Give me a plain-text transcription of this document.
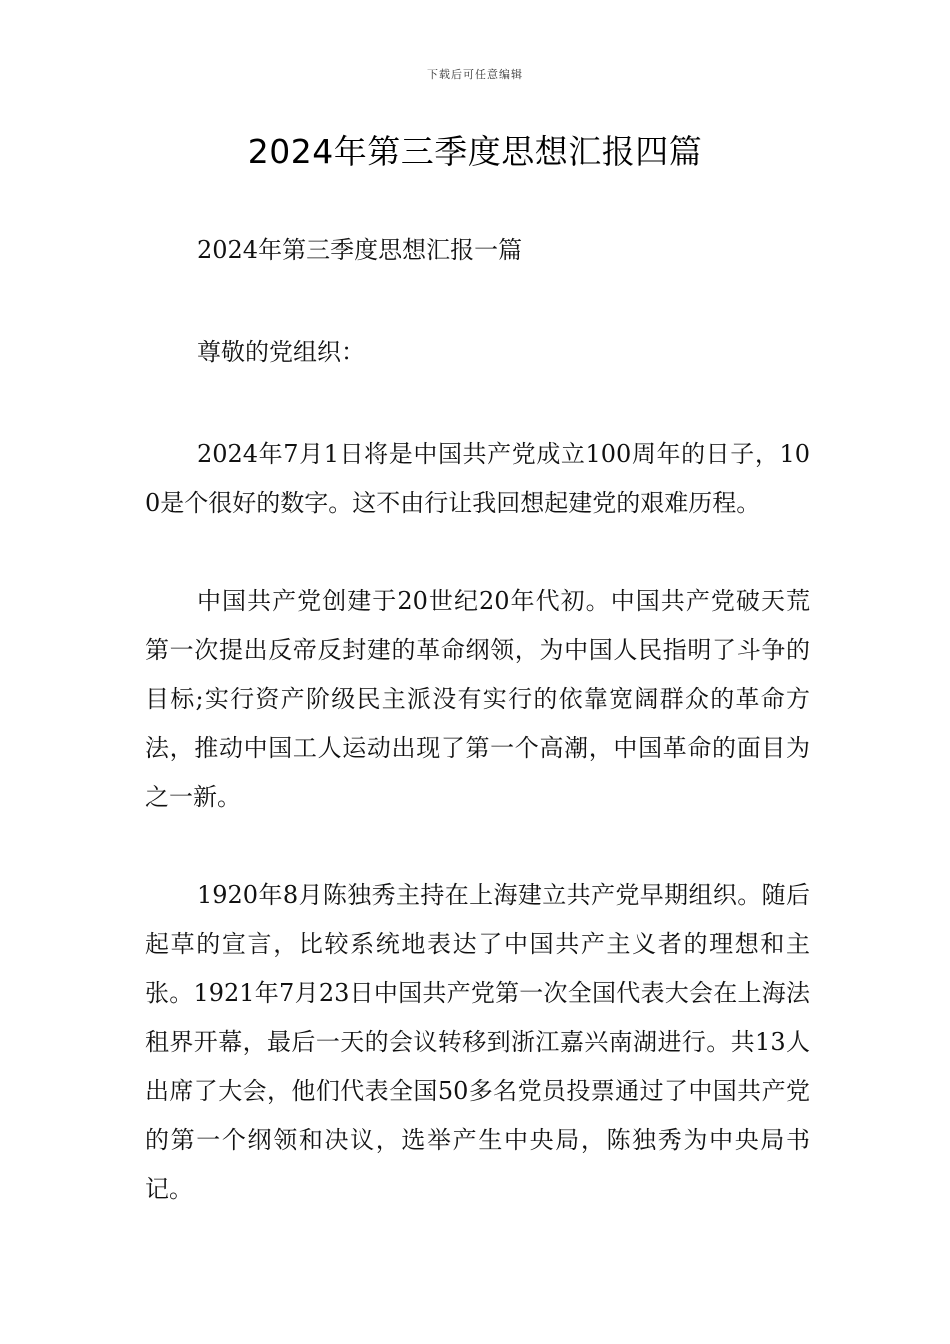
下载后可任意编辑
2024年第三季度思想汇报四篇

2024年第三季度思想汇报一篇

尊敬的党组织：

2024年7月1日将是中国共产党成立100周年的日子，100是个很好的数字。这不由行让我回想起建党的艰难历程。

中国共产党创建于20世纪20年代初。中国共产党破天荒第一次提出反帝反封建的革命纲领，为中国人民指明了斗争的目标;实行资产阶级民主派没有实行的依靠宽阔群众的革命方法，推动中国工人运动出现了第一个高潮，中国革命的面目为之一新。

1920年8月陈独秀主持在上海建立共产党早期组织。随后起草的宣言，比较系统地表达了中国共产主义者的理想和主张。1921年7月23日中国共产党第一次全国代表大会在上海法租界开幕，最后一天的会议转移到浙江嘉兴南湖进行。共13人出席了大会，他们代表全国50多名党员投票通过了中国共产党的第一个纲领和决议，选举产生中央局，陈独秀为中央局书记。
